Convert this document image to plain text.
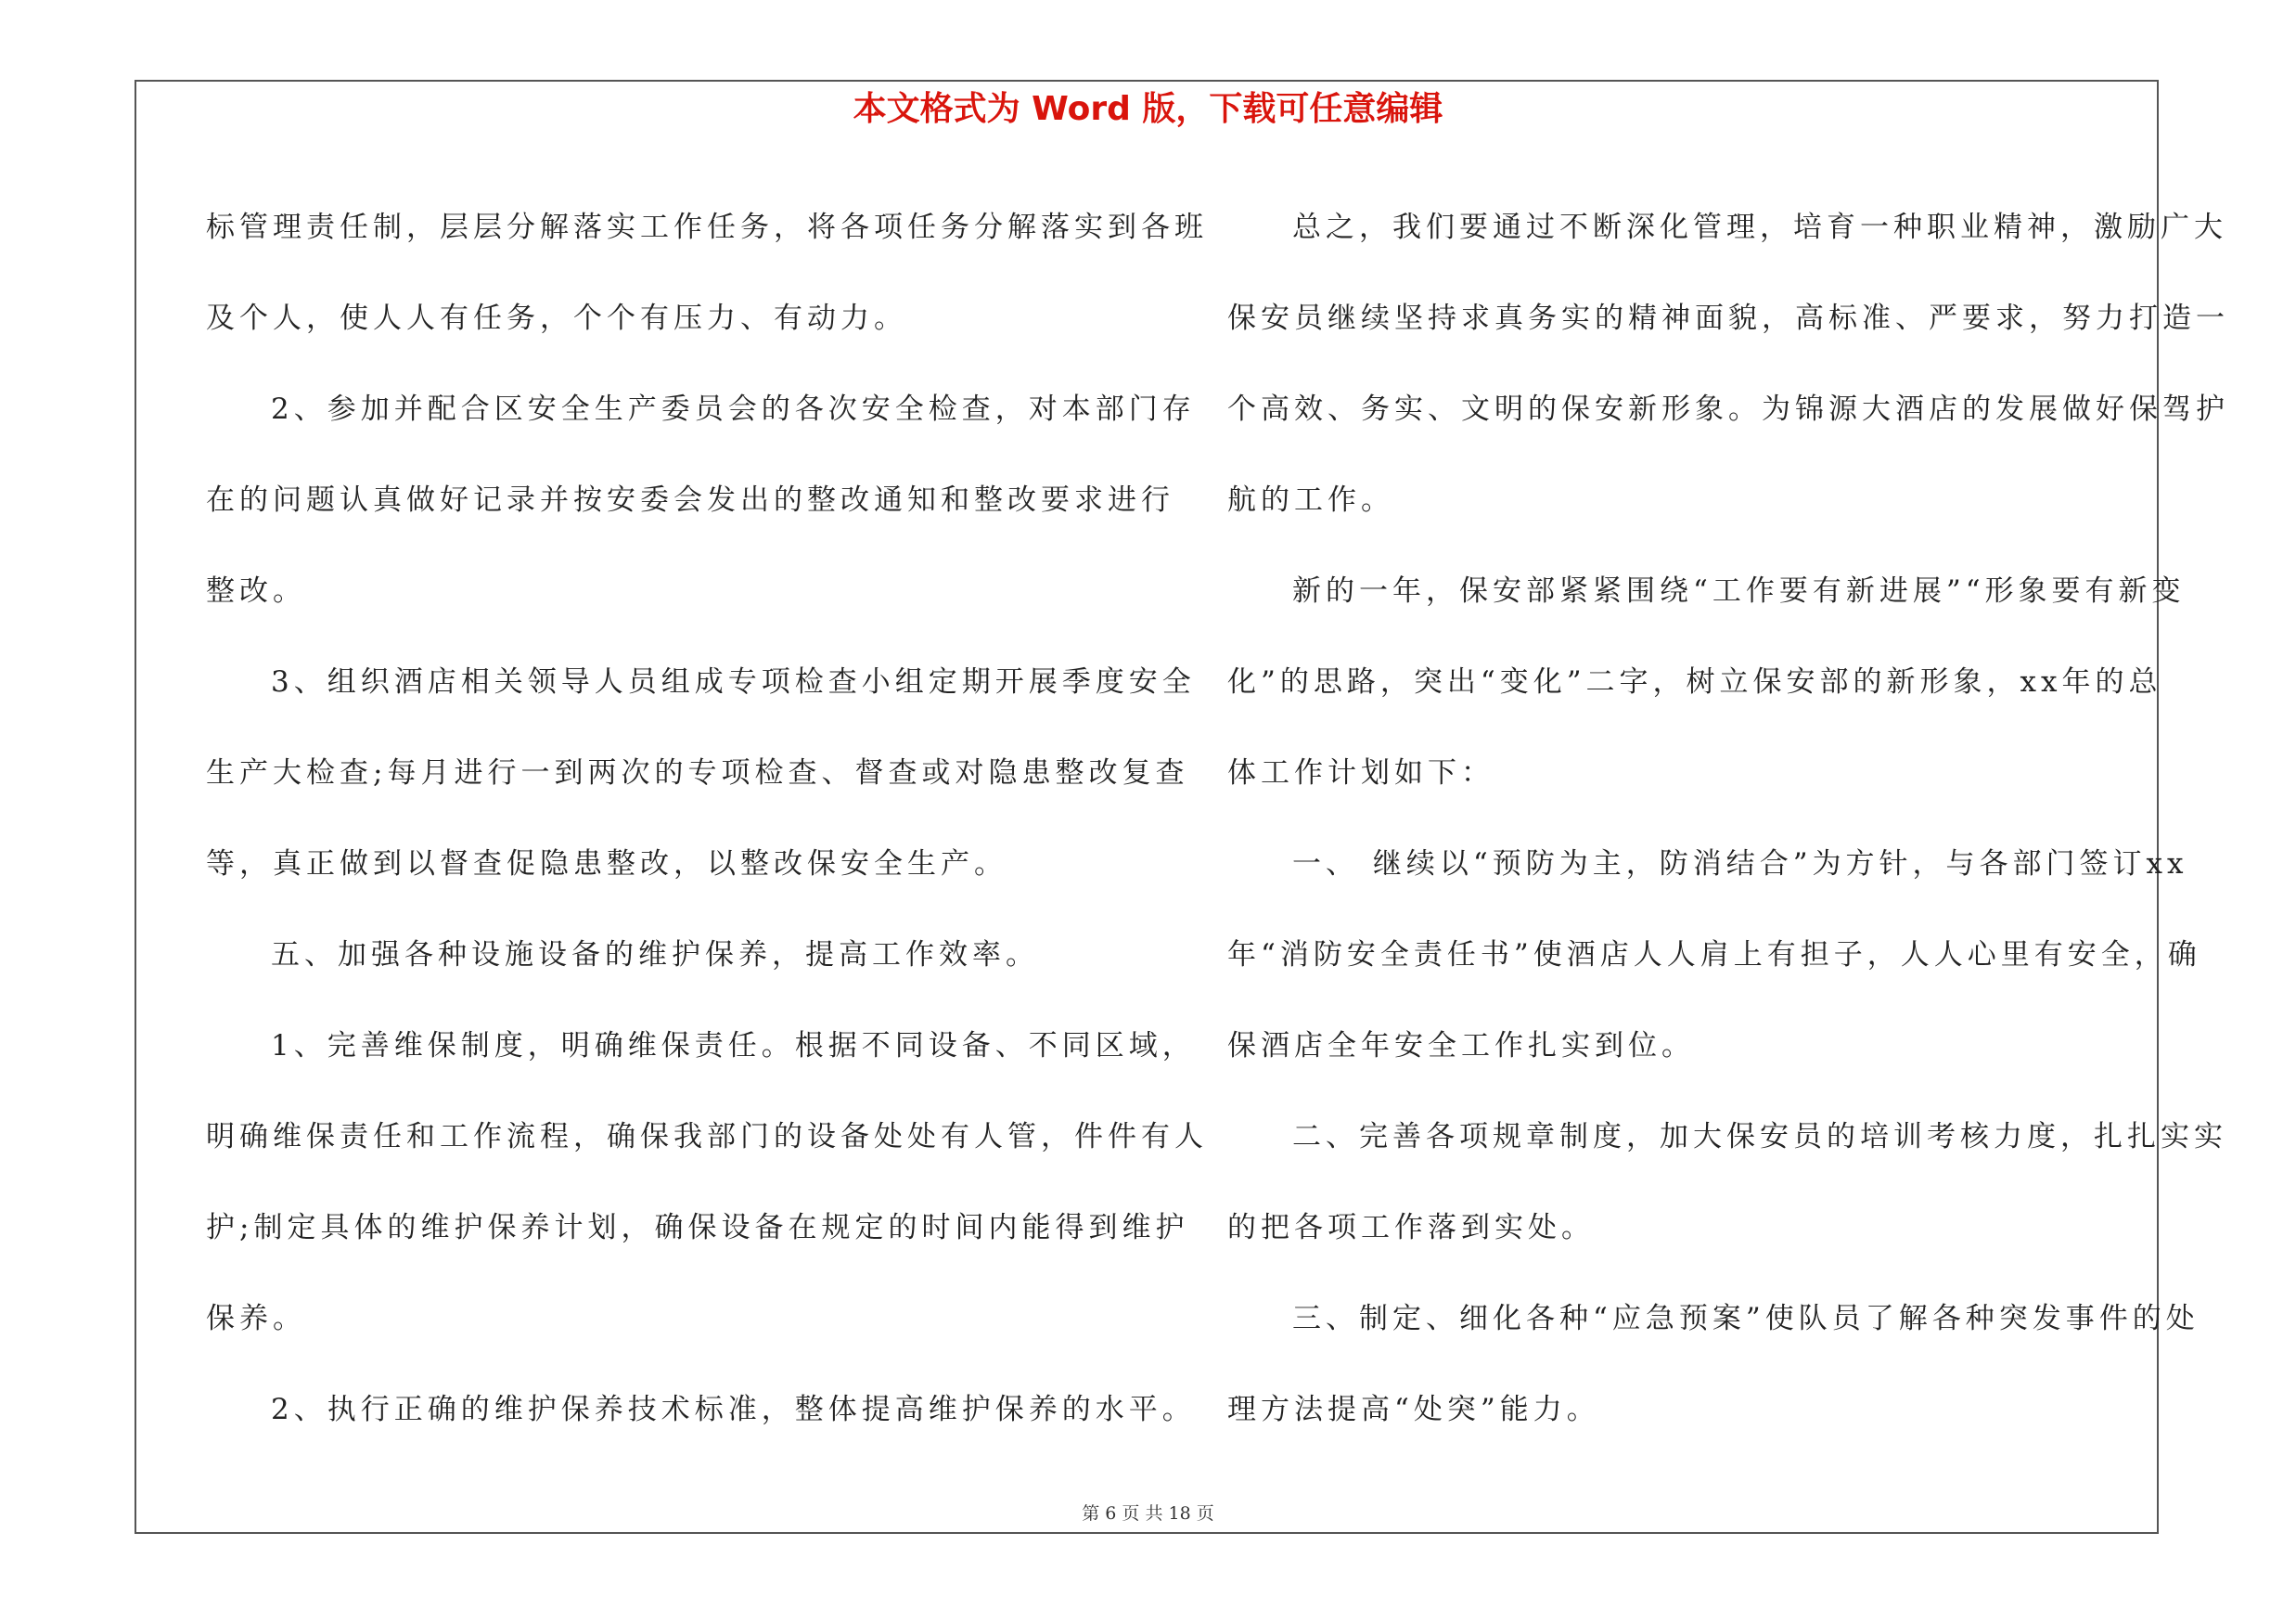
本文格式为 Word 版，下载可任意编辑
标管理责任制，层层分解落实工作任务，将各项任务分解落实到各班
及个人，使人人有任务，个个有压力、有动力。
2、参加并配合区安全生产委员会的各次安全检查，对本部门存
在的问题认真做好记录并按安委会发出的整改通知和整改要求进行
整改。
3、组织酒店相关领导人员组成专项检查小组定期开展季度安全
生产大检查;每月进行一到两次的专项检查、督查或对隐患整改复查
等，真正做到以督查促隐患整改，以整改保安全生产。
五、加强各种设施设备的维护保养，提高工作效率。
1、完善维保制度，明确维保责任。根据不同设备、不同区域，
明确维保责任和工作流程，确保我部门的设备处处有人管，件件有人
护;制定具体的维护保养计划，确保设备在规定的时间内能得到维护
保养。
2、执行正确的维护保养技术标准，整体提高维护保养的水平。
总之，我们要通过不断深化管理，培育一种职业精神，激励广大
保安员继续坚持求真务实的精神面貌，高标准、严要求，努力打造一
个高效、务实、文明的保安新形象。为锦源大酒店的发展做好保驾护
航的工作。
新的一年，保安部紧紧围绕“工作要有新进展”“形象要有新变
化”的思路，突出“变化”二字，树立保安部的新形象，xx年的总
体工作计划如下：
一、 继续以“预防为主，防消结合”为方针，与各部门签订xx
年“消防安全责任书”使酒店人人肩上有担子，人人心里有安全，确
保酒店全年安全工作扎实到位。
二、完善各项规章制度，加大保安员的培训考核力度，扎扎实实
的把各项工作落到实处。
三、制定、细化各种“应急预案”使队员了解各种突发事件的处
理方法提高“处突”能力。
第 6 页 共 18 页
